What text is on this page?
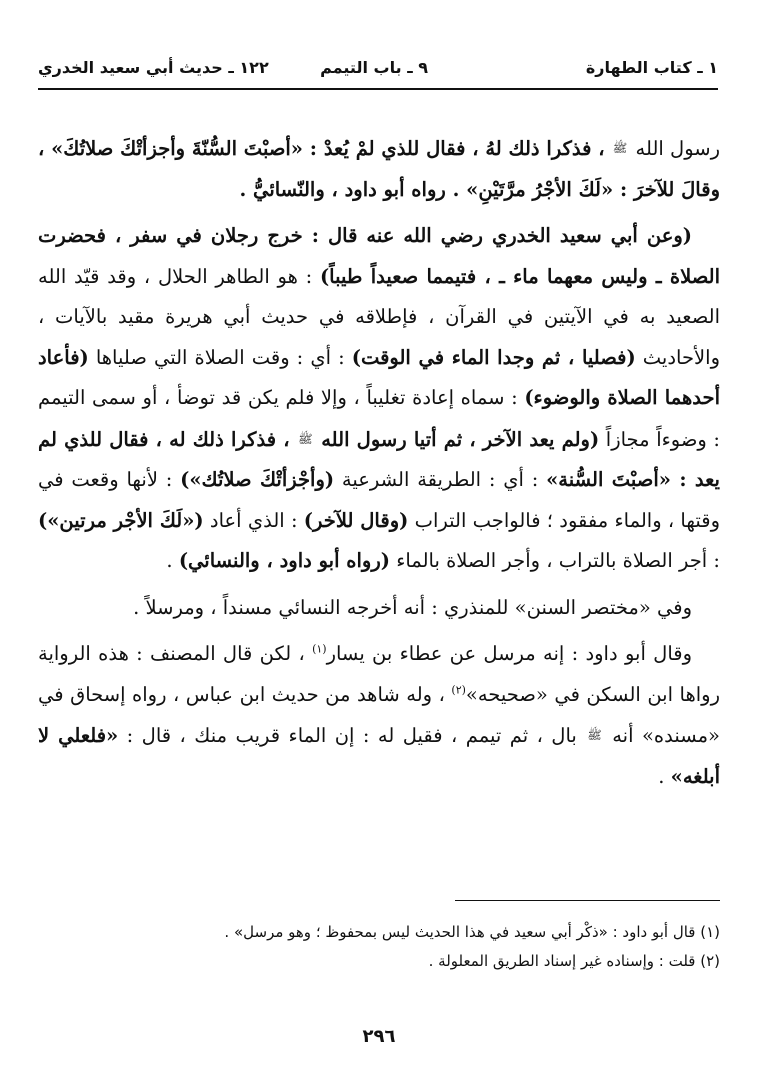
١ ـ كتاب الطهارة
٩ ـ باب التيمم
١٢٢ ـ حديث أبي سعيد الخدري

رسول الله ﷺ ، فذكرا ذلك لهُ ، فقال للذي لمْ يُعدْ : «أصبْتَ السُّنّةَ وأجزأتْكَ صلاتُكَ» ، وقالَ للآخرَ : «لَكَ الأجْرُ مرَّتَيْنِ» . رواه أبو داود ، والنّسائيُّ .

(وعن أبي سعيد الخدري رضي الله عنه قال : خرج رجلان في سفر ، فحضرت الصلاة ـ وليس معهما ماء ـ ، فتيمما صعيداً طيباً) : هو الطاهر الحلال ، وقد قيّد الله الصعيد به في الآيتين في القرآن ، فإطلاقه في حديث أبي هريرة مقيد بالآيات ، والأحاديث (فصليا ، ثم وجدا الماء في الوقت) : أي : وقت الصلاة التي صلياها (فأعاد أحدهما الصلاة والوضوء) : سماه إعادة تغليباً ، وإلا فلم يكن قد توضأ ، أو سمى التيمم : وضوءاً مجازاً (ولم يعد الآخر ، ثم أتيا رسول الله ﷺ ، فذكرا ذلك له ، فقال للذي لم يعد : «أصبْتَ السُّنة» : أي : الطريقة الشرعية (وأجْزأتْكَ صلاتُك») : لأنها وقعت في وقتها ، والماء مفقود ؛ فالواجب التراب (وقال للآخر) : الذي أعاد («لَكَ الأجْر مرتين») : أجر الصلاة بالتراب ، وأجر الصلاة بالماء (رواه أبو داود ، والنسائي) .

وفي «مختصر السنن» للمنذري : أنه أخرجه النسائي مسنداً ، ومرسلاً .

وقال أبو داود : إنه مرسل عن عطاء بن يسار$^{(١)}$ ، لكن قال المصنف : هذه الرواية رواها ابن السكن في «صحيحه»$^{(٢)}$ ، وله شاهد من حديث ابن عباس ، رواه إسحاق في «مسنده» أنه ﷺ بال ، ثم تيمم ، فقيل له : إن الماء قريب منك ، قال : «فلعلي لا أبلغه» .

(١) قال أبو داود : «ذكْر أبي سعيد في هذا الحديث ليس بمحفوظ ؛ وهو مرسل» .
(٢) قلت : وإسناده غير إسناد الطريق المعلولة .
٢٩٦
